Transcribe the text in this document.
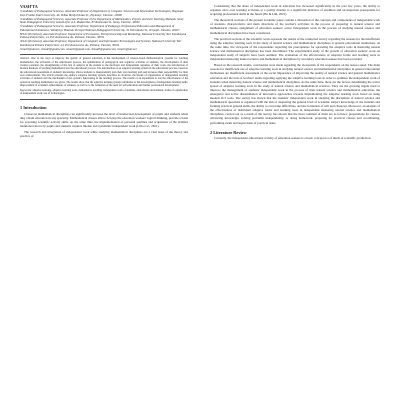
VASH'TA

¹Candidate of Pedagogical Sciences, Associate Professor of Department of Computer Sciences and Information Technologies, Bogomaz Ivan Franko State University, 40, Velika Berdychivska St., Zhytomyr, Ukraine, 10008

²Candidate of Pedagogical Sciences, Associate Professor of the Department of Mathematics, Physics and their Teaching Methods, Sumy State Pedagogical University named after A.S. Makarenko, 87 Romenska St., Sumy, Ukraine, 40002

³Candidate of Pedagogical Sciences, Associate Professor, Department of Pedagogy, Professional Education and Management of Educational Institutions, Volodymyr Hnatiuk Ternopil National Pedagogical University, 32 Ostrozkoho St., Ternopil, Ukraine, 46027

⁴Ph.D (Technical), Associate Professor, Department of Economics, Entrepreneurship and Marketing, National University Yuri Kondratyuk Poltava Polytechnic, 24, Pershotravneva Av., Poltava, Ukraine, 36011

⁵Ph.D (Technical), Associate Professor, Department of Computer and Information Technologies and Systems, National University Yuri Kondratyuk Poltava Polytechnic, 24, Pershotravneva Av., Poltava, Ukraine, 36011

¹email¹@ukr.net, ²email²@gmail.com, ³email³@gmail.com, ⁴email⁴@gmail.com, ⁵email⁵@ukr.net

Abstract. One of the ways to improve the quality of general education is the development of science-based methodological systems for teaching mathematics, the activation of the educational process, the optimization of pedagogical and cognitive activities of students, the development of their creative potential, the strengthening of the role of subjects in the student as the motivator and independent organizer of their work, the introduction of modern methods of teaching mathematics into the educational process. The introduction of an adaptive learning system in the educational process, based on the educational assessment of students' knowledge, allows students to independently plan their own learning path and increases their responsibility for their own achievements. The article presents the author's adaptive learning system, describes its structure, the model of organization of independent learning activities of students and the mechanism of the system's functioning in the learning process. The results of an experiment to test the effectiveness of the system in teaching mathematics are given. The results show that the adaptive learning system contributes to the development of independent learning skills, improvement of academic achievements of students, as well as to the formation of the need for self-education and further professional development.

Keywords: adaptive learning, adaptive learning tools, mathematics teaching, independent work of students, educational environment, forms of organization of independent work, use of technologies.

1 Introduction

Classes in mathematical disciplines can significantly increase the level of intellectual development of pupils and students when they obtain education in any specialty. Mathematical classes aim to develop the education workers' logical thinking, provide a basis for acquiring scientific activity skills. At the same time, the implementation of personal qualities and acquisition of the abilities mentioned above by pupils and students requires intense and systematic independent work (Lim et al., 2021).

The research and integration of independent work while studying mathematical disciplines are a vital issue of the theory and practice of

Considering that the share of independent work in education has increased significantly in the past few years, the ability to organize one's own learning activities at a quality manner is a significant indicator of erudition and an important prerequisite for acquiring professional skills in the future (He & Lim, 2021).

The theoretical sections of the present academic paper contain a discussion of the concepts and components of independent work of students, characteristics and main directions of the teacher's activities in the process of preparing to natural science and mathematical classes, assignment of education seekers' active independent work in the process of studying natural science and mathematical disciplines have been considered.

The practical sections of the scientific work represent the results of the conducted survey regarding the reasons for the insufficient using the adaptive learning tools in the study of natural science and mathematical disciplines at general educational institutions. At the same time, the viewpoint of the respondents regarding the prerequisites for spreading the adaptive tools in mastering natural science and mathematical disciplines has been determined. The experimental study of the growth of education seekers' work on independent study of subjects have been outlined. The evaluation of the effectiveness of adaptive forms and learning tools in independent mastering natural science and mathematical disciplines by secondary education seekers has been provided.

Based on the research results, conclusions were made regarding the viewpoints of the respondents on the issues raised. The main reasons for insufficient use of adaptive learning tools in studying natural science and mathematical disciplines in general educational institutions are insufficient assessment of the social importance of improving the quality of natural science and general mathematics education and the lack of teachers' skills regarding applying the adaptive learning tools in order to optimize the independent work of students when mastering natural science and mathematical disciplines. At the same time, there are the factors determining the active spread of adaptive learning tools in the study of natural science and mathematical sciences. They are the growing urgent need to improve the management of students' independent work in the process of their natural science and mathematical education, the emergence and active dissemination of innovative approaches towards implementing the adaptive learning tools based on using modern ICT tools. The survey has shown that the students' independent work in studying the disciplines of natural science and mathematical questions is organized with the aim of deepening the general level of academic subject knowledge of the students and forming practical general skills, the ability to overcome difficulties, and the formation of will and character. Moreover, an analysis of the effectiveness of individual adaptive forms and learning tools in independent mastering natural science and mathematical disciplines, carried out as a result of the survey, has shown that the most common of them are as follows: preparations for classes, advancing knowledge, solving problems independently, or doing homework, preparing for practical classes and coordinating, performing exam and supervision of practical tasks.

2 Literature Review

Currently, the independent educational activity of education seekers is a basic concept not of much of scientific production
